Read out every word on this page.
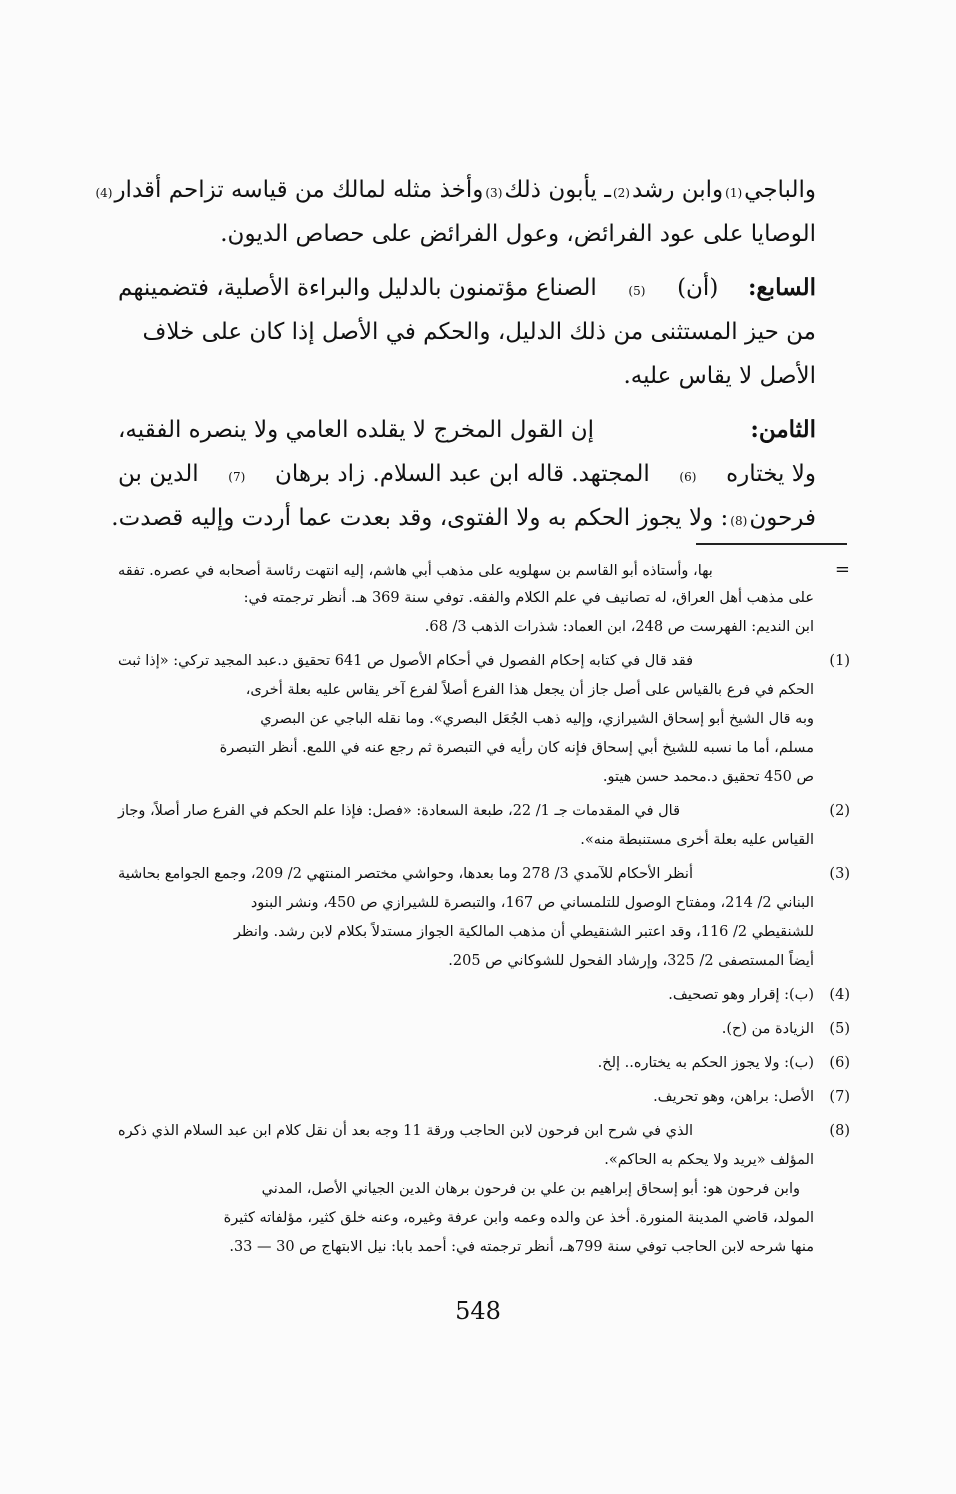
والباجي
(1)
وابن رشد
(2)
ـ يأبون ذلك
(3)
وأخذ مثله لمالك من قياسه تزاحم أقدار
(4)
الوصايا على عود الفرائض، وعول الفرائض على حصاص الديون.
السابع:
(أن)
(5)
الصناع مؤتمنون بالدليل والبراءة الأصلية، فتضمينهم
من حيز المستثنى من ذلك الدليل، والحكم في الأصل إذا كان على خلاف
الأصل لا يقاس عليه.
الثامن:
إن القول المخرج لا يقلده العامي ولا ينصره الفقيه،
ولا يختاره
(6)
المجتهد. قاله ابن عبد السلام. زاد برهان
(7)
الدين بن
فرحون
(8)
: ولا يجوز الحكم به ولا الفتوى، وقد بعدت عما أردت وإليه قصدت.
=
بها، وأستاذه أبو القاسم بن سهلويه على مذهب أبي هاشم، إليه انتهت رئاسة أصحابه في عصره. تفقه
على مذهب أهل العراق، له تصانيف في علم الكلام والفقه. توفي سنة 369 هـ. أنظر ترجمته في:
ابن النديم: الفهرست ص 248، ابن العماد: شذرات الذهب 3/ 68.
(1)
فقد قال في كتابه إحكام الفصول في أحكام الأصول ص 641 تحقيق د.عبد المجيد تركي: «إذا ثبت
الحكم في فرع بالقياس على أصل جاز أن يجعل هذا الفرع أصلاً لفرع آخر يقاس عليه بعلة أخرى،
وبه قال الشيخ أبو إسحاق الشيرازي، وإليه ذهب الجُعَل البصري». وما نقله الباجي عن البصري
مسلم، أما ما نسبه للشيخ أبي إسحاق فإنه كان رأيه في التبصرة ثم رجع عنه في اللمع. أنظر التبصرة
ص 450 تحقيق د.محمد حسن هيتو.
(2)
قال في المقدمات جـ 1/ 22، طبعة السعادة: «فصل: فإذا علم الحكم في الفرع صار أصلاً، وجاز
القياس عليه بعلة أخرى مستنبطة منه».
(3)
أنظر الأحكام للآمدي 3/ 278 وما بعدها، وحواشي مختصر المنتهي 2/ 209، وجمع الجوامع بحاشية
البناني 2/ 214، ومفتاح الوصول للتلمساني ص 167، والتبصرة للشيرازي ص 450، ونشر البنود
للشنقيطي 2/ 116، وقد اعتبر الشنقيطي أن مذهب المالكية الجواز مستدلاً بكلام لابن رشد. وانظر
أيضاً المستصفى 2/ 325، وإرشاد الفحول للشوكاني ص 205.
(4)
(ب): إقرار وهو تصحيف.
(5)
الزيادة من (ح).
(6)
(ب): ولا يجوز الحكم به يختاره.. إلخ.
(7)
الأصل: براهن، وهو تحريف.
(8)
الذي في شرح ابن فرحون لابن الحاجب ورقة 11 وجه بعد أن نقل كلام ابن عبد السلام الذي ذكره
المؤلف «يريد ولا يحكم به الحاكم».
وابن فرحون هو: أبو إسحاق إبراهيم بن علي بن فرحون برهان الدين الجياني الأصل، المدني
المولد، قاضي المدينة المنورة. أخذ عن والده وعمه وابن عرفة وغيره، وعنه خلق كثير، مؤلفاته كثيرة
منها شرحه لابن الحاجب توفي سنة 799هـ، أنظر ترجمته في: أحمد بابا: نيل الابتهاج ص 30 — 33.
548
